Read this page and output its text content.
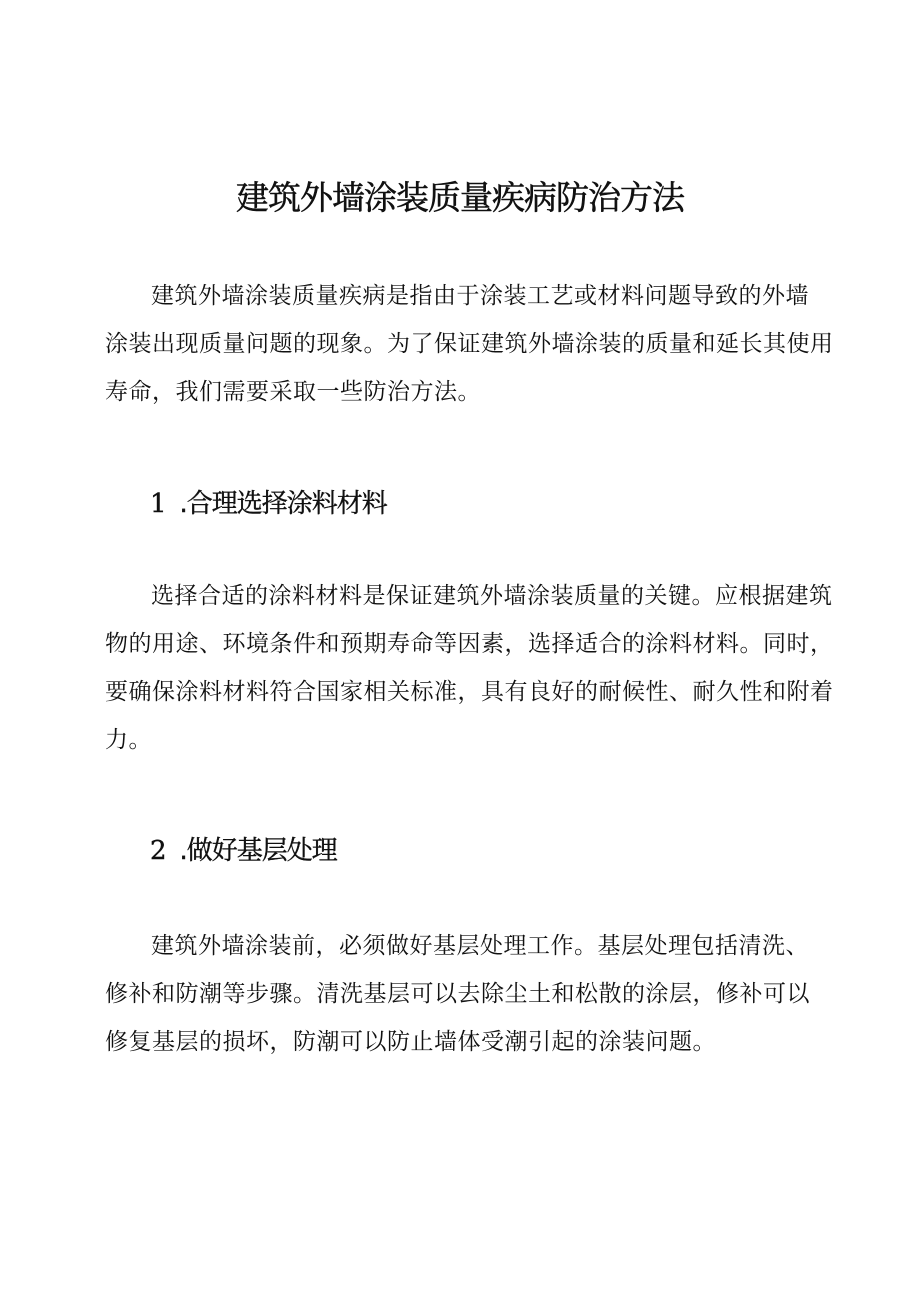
建筑外墙涂装质量疾病防治方法
建筑外墙涂装质量疾病是指由于涂装工艺或材料问题导致的外墙
涂装出现质量问题的现象。为了保证建筑外墙涂装的质量和延长其使用
寿命，我们需要采取一些防治方法。
1 .合理选择涂料材料
选择合适的涂料材料是保证建筑外墙涂装质量的关键。应根据建筑
物的用途、环境条件和预期寿命等因素，选择适合的涂料材料。同时，
要确保涂料材料符合国家相关标准，具有良好的耐候性、耐久性和附着
力。
2 .做好基层处理
建筑外墙涂装前，必须做好基层处理工作。基层处理包括清洗、
修补和防潮等步骤。清洗基层可以去除尘土和松散的涂层，修补可以
修复基层的损坏，防潮可以防止墙体受潮引起的涂装问题。
